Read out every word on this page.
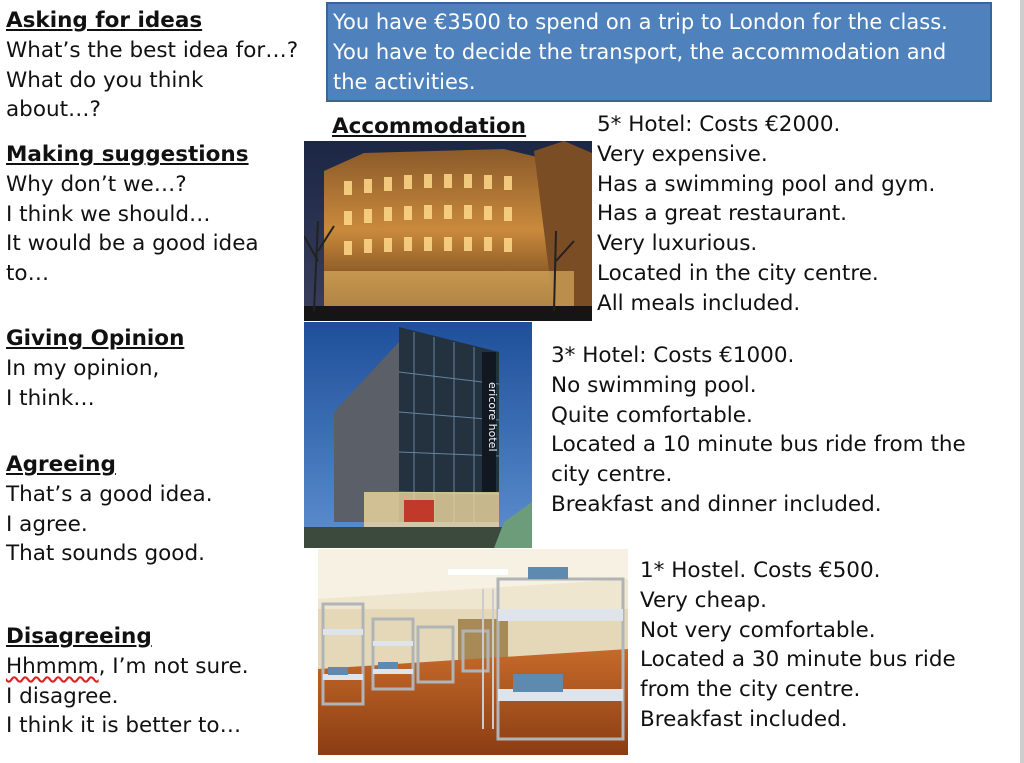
Asking for ideas
What’s the best idea for…?
What do you think
about…?
Making suggestions
Why don’t we…?
I think we should…
It would be a good idea
to…
Giving Opinion
In my opinion,
I think…
Agreeing
That’s a good idea.
I agree.
That sounds good.
Disagreeing
Hhmmm, I’m not sure.
I disagree.
I think it is better to…
You have €3500 to spend on a trip to London for the class.
You have to decide the transport, the accommodation and
the activities.
Accommodation	5* Hotel: Costs €2000.
Very expensive.
Has a swimming pool and gym.
Has a great restaurant.
Very luxurious.
Located in the city centre.
All meals included.
ericore hotel
3* Hotel: Costs €1000.
No swimming pool.
Quite comfortable.
Located a 10 minute bus ride from the
city centre.
Breakfast and dinner included.
1* Hostel. Costs €500.
Very cheap.
Not very comfortable.
Located a 30 minute bus ride
from the city centre.
Breakfast included.
